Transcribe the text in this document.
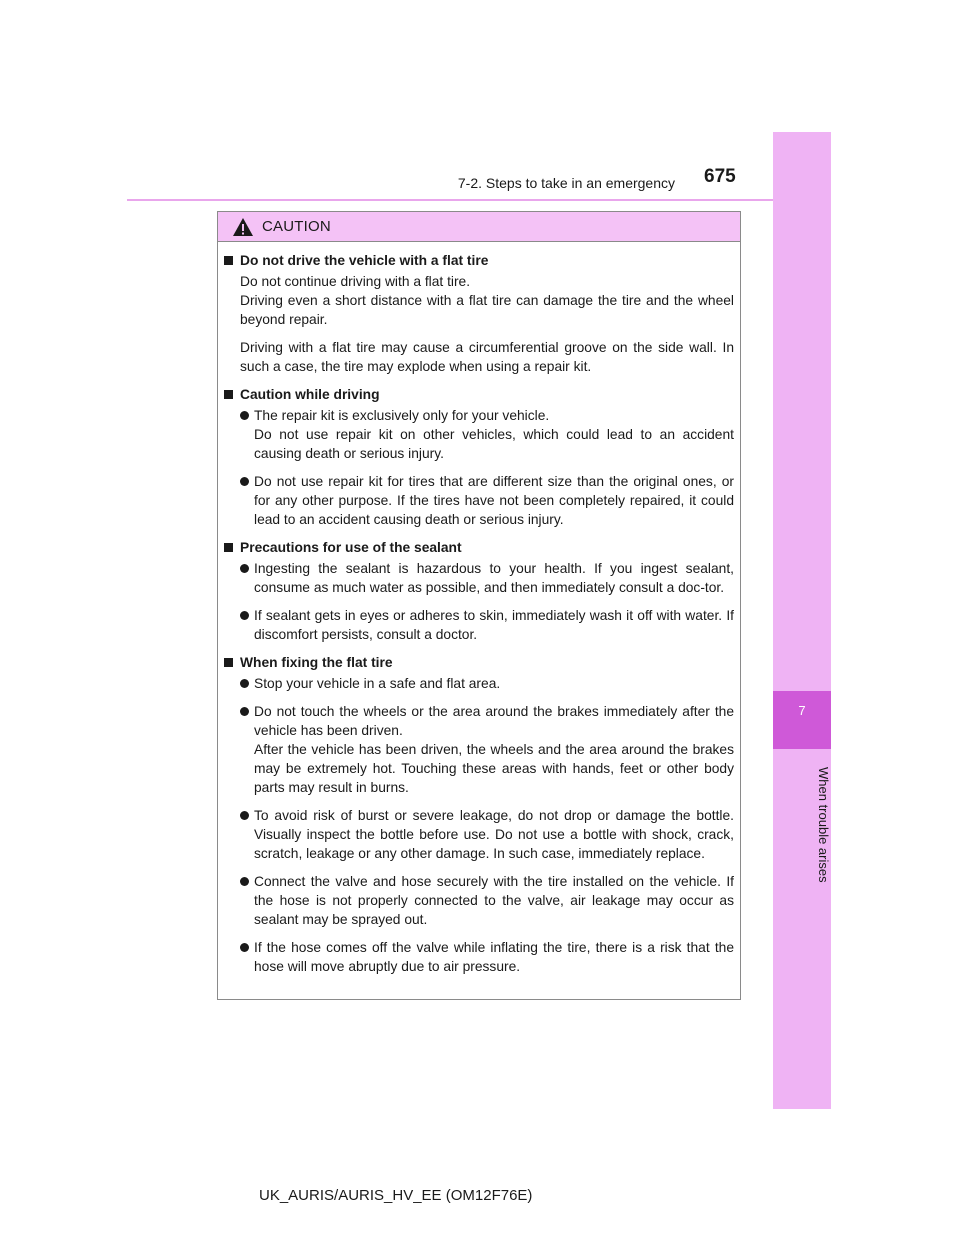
7-2. Steps to take in an emergency 675
7
When trouble arises
CAUTION
Do not drive the vehicle with a flat tire
Do not continue driving with a flat tire.
Driving even a short distance with a flat tire can damage the tire and the wheel beyond repair.
Driving with a flat tire may cause a circumferential groove on the side wall. In such a case, the tire may explode when using a repair kit.
Caution while driving
The repair kit is exclusively only for your vehicle.
Do not use repair kit on other vehicles, which could lead to an accident causing death or serious injury.
Do not use repair kit for tires that are different size than the original ones, or for any other purpose. If the tires have not been completely repaired, it could lead to an accident causing death or serious injury.
Precautions for use of the sealant
Ingesting the sealant is hazardous to your health. If you ingest sealant, consume as much water as possible, and then immediately consult a doc-tor.
If sealant gets in eyes or adheres to skin, immediately wash it off with water. If discomfort persists, consult a doctor.
When fixing the flat tire
Stop your vehicle in a safe and flat area.
Do not touch the wheels or the area around the brakes immediately after the vehicle has been driven.
After the vehicle has been driven, the wheels and the area around the brakes may be extremely hot. Touching these areas with hands, feet or other body parts may result in burns.
To avoid risk of burst or severe leakage, do not drop or damage the bottle. Visually inspect the bottle before use. Do not use a bottle with shock, crack, scratch, leakage or any other damage. In such case, immediately replace.
Connect the valve and hose securely with the tire installed on the vehicle. If the hose is not properly connected to the valve, air leakage may occur as sealant may be sprayed out.
If the hose comes off the valve while inflating the tire, there is a risk that the hose will move abruptly due to air pressure.
UK_AURIS/AURIS_HV_EE (OM12F76E)
